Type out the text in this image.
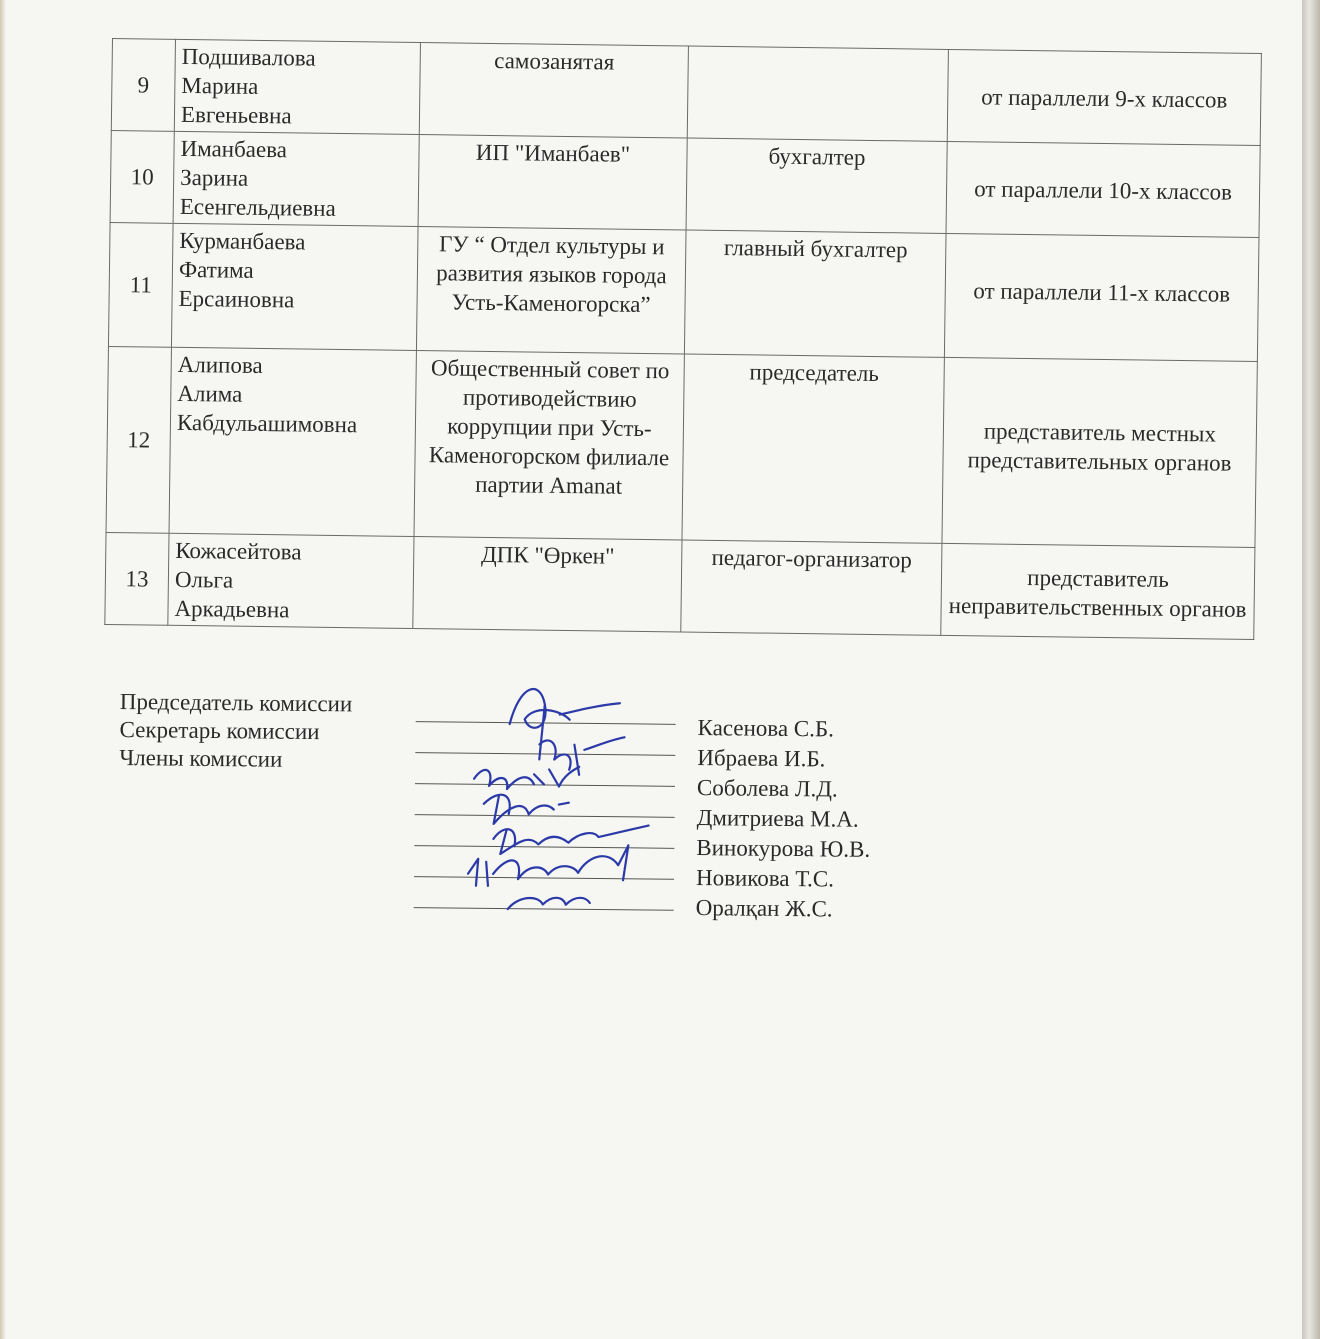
9	Подшивалова
Марина
Евгеньевна	самозанятая		от параллели 9-х классов

10	Иманбаева
Зарина
Есенгельдиевна	ИП "Иманбаев"	бухгалтер	от параллели 10-х классов

11	Курманбаева
Фатима
Ерсаиновна	ГУ “ Отдел культуры и развития языков города Усть-Каменогорска”	главный бухгалтер	от параллели 11-х классов

12	Алипова
Алима
Кабдульашимовна	Общественный совет по противодействию коррупции при Усть-Каменогорском филиале партии Amanat	председатель	представитель местных представительных органов

13	Кожасейтова
Ольга
Аркадьевна	ДПК "Өркен"	педагог-организатор	представитель неправительственных органов
Председатель комиссии
Секретарь комиссии
Члены комиссии
Касенова С.Б.
Ибраева И.Б.
Соболева Л.Д.
Дмитриева М.А.
Винокурова Ю.В.
Новикова Т.С.
Оралқан Ж.С.
